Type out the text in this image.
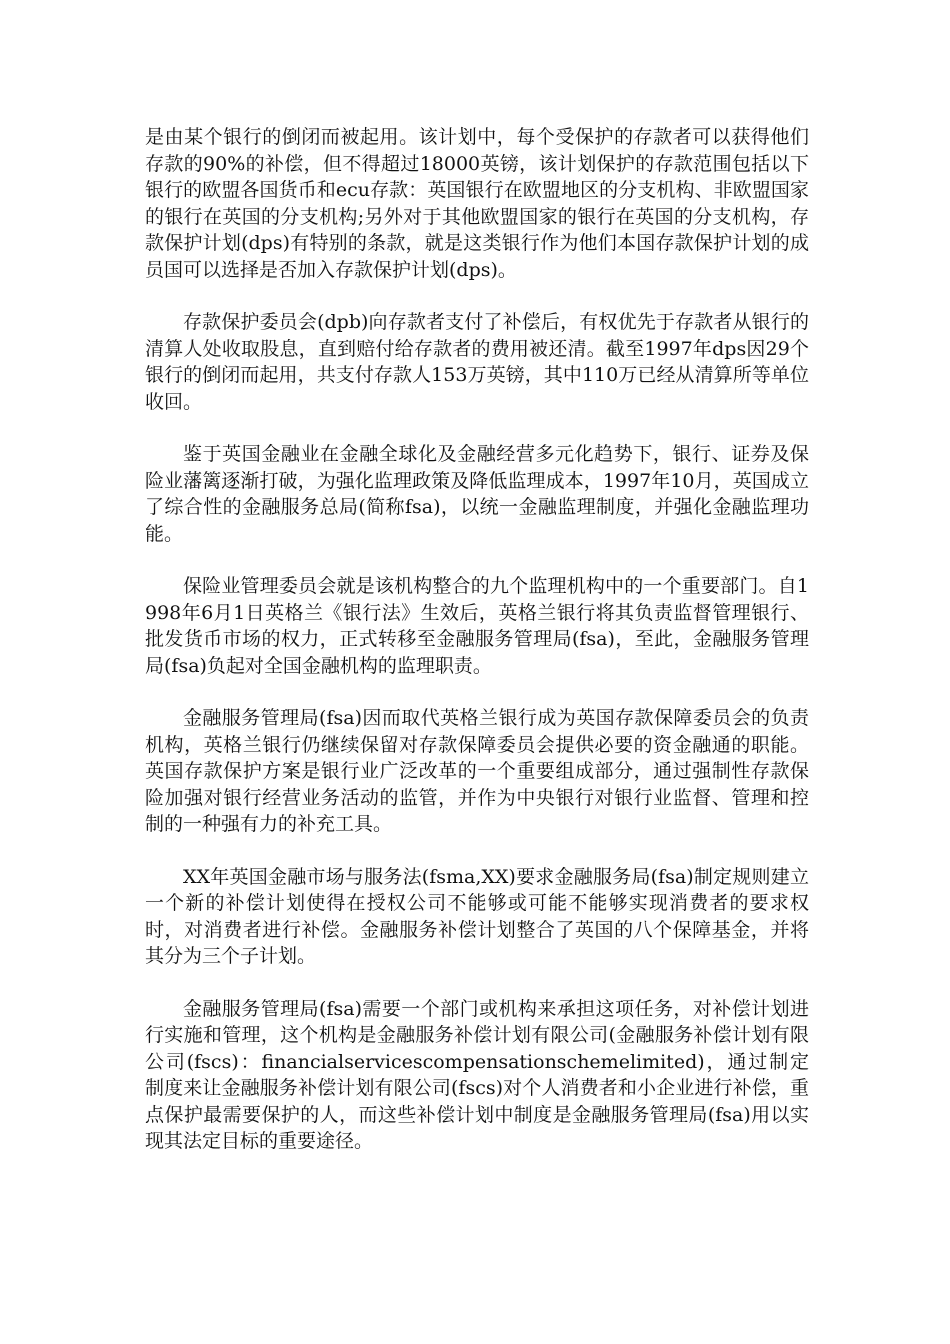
是由某个银行的倒闭而被起用。该计划中，每个受保护的存款者可以获得他们存款的90%的补偿，但不得超过18000英镑，该计划保护的存款范围包括以下银行的欧盟各国货币和ecu存款：英国银行在欧盟地区的分支机构、非欧盟国家的银行在英国的分支机构;另外对于其他欧盟国家的银行在英国的分支机构，存款保护计划(dps)有特别的条款，就是这类银行作为他们本国存款保护计划的成员国可以选择是否加入存款保护计划(dps)。

存款保护委员会(dpb)向存款者支付了补偿后，有权优先于存款者从银行的清算人处收取股息，直到赔付给存款者的费用被还清。截至1997年dps因29个银行的倒闭而起用，共支付存款人153万英镑，其中110万已经从清算所等单位收回。

鉴于英国金融业在金融全球化及金融经营多元化趋势下，银行、证券及保险业藩篱逐渐打破，为强化监理政策及降低监理成本，1997年10月，英国成立了综合性的金融服务总局(简称fsa)，以统一金融监理制度，并强化金融监理功能。

保险业管理委员会就是该机构整合的九个监理机构中的一个重要部门。自1998年6月1日英格兰《银行法》生效后，英格兰银行将其负责监督管理银行、批发货币市场的权力，正式转移至金融服务管理局(fsa)，至此，金融服务管理局(fsa)负起对全国金融机构的监理职责。

金融服务管理局(fsa)因而取代英格兰银行成为英国存款保障委员会的负责机构，英格兰银行仍继续保留对存款保障委员会提供必要的资金融通的职能。英国存款保护方案是银行业广泛改革的一个重要组成部分，通过强制性存款保险加强对银行经营业务活动的监管，并作为中央银行对银行业监督、管理和控制的一种强有力的补充工具。

XX年英国金融市场与服务法(fsma,XX)要求金融服务局(fsa)制定规则建立一个新的补偿计划使得在授权公司不能够或可能不能够实现消费者的要求权时，对消费者进行补偿。金融服务补偿计划整合了英国的八个保障基金，并将其分为三个子计划。

金融服务管理局(fsa)需要一个部门或机构来承担这项任务，对补偿计划进行实施和管理，这个机构是金融服务补偿计划有限公司(金融服务补偿计划有限公司(fscs)：financialservicescompensationschemelimited)，通过制定制度来让金融服务补偿计划有限公司(fscs)对个人消费者和小企业进行补偿，重点保护最需要保护的人，而这些补偿计划中制度是金融服务管理局(fsa)用以实现其法定目标的重要途径。
